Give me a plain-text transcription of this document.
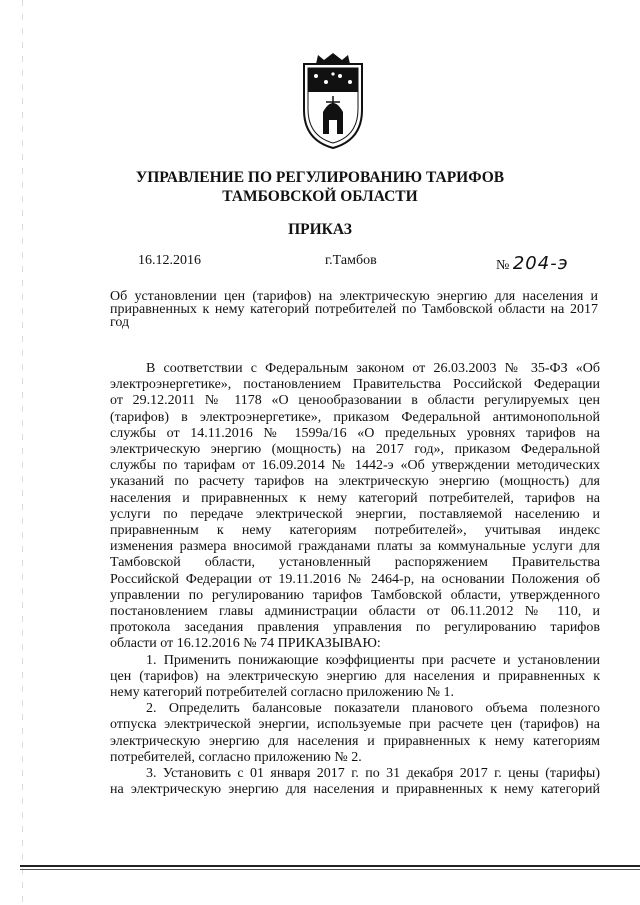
УПРАВЛЕНИЕ ПО РЕГУЛИРОВАНИЮ ТАРИФОВ
ТАМБОВСКОЙ ОБЛАСТИ
ПРИКАЗ
16.12.2016	г.Тамбов	№ 204-э
Об установлении цен (тарифов) на электрическую энергию для населения и приравненных к нему категорий потребителей по Тамбовской области на 2017 год

В соответствии с Федеральным законом от 26.03.2003 № 35-ФЗ «Об

электроэнергетике», постановлением Правительства Российской Федерации

от 29.12.2011 № 1178 «О ценообразовании в области регулируемых цен

(тарифов) в электроэнергетике», приказом Федеральной антимонопольной

службы от 14.11.2016 № 1599а/16 «О предельных уровнях тарифов на

электрическую энергию (мощность) на 2017 год», приказом Федеральной

службы по тарифам от 16.09.2014 № 1442-э «Об утверждении методических

указаний по расчету тарифов на электрическую энергию (мощность) для

населения и приравненных к нему категорий потребителей, тарифов на

услуги по передаче электрической энергии, поставляемой населению и

приравненным к нему категориям потребителей», учитывая индекс

изменения размера вносимой гражданами платы за коммунальные услуги для

Тамбовской области, установленный распоряжением Правительства

Российской Федерации от 19.11.2016 № 2464-р, на основании Положения об

управлении по регулированию тарифов Тамбовской области, утвержденного

постановлением главы администрации области от 06.11.2012 № 110, и

протокола заседания правления управления по регулированию тарифов

области от 16.12.2016 № 74 ПРИКАЗЫВАЮ:

1. Применить понижающие коэффициенты при расчете и установлении

цен (тарифов) на электрическую энергию для населения и приравненных к

нему категорий потребителей согласно приложению № 1.

2. Определить балансовые показатели планового объема полезного

отпуска электрической энергии, используемые при расчете цен (тарифов) на

электрическую энергию для населения и приравненных к нему категориям

потребителей, согласно приложению № 2.

3. Установить с 01 января 2017 г. по 31 декабря 2017 г. цены (тарифы)

на электрическую энергию для населения и приравненных к нему категорий
